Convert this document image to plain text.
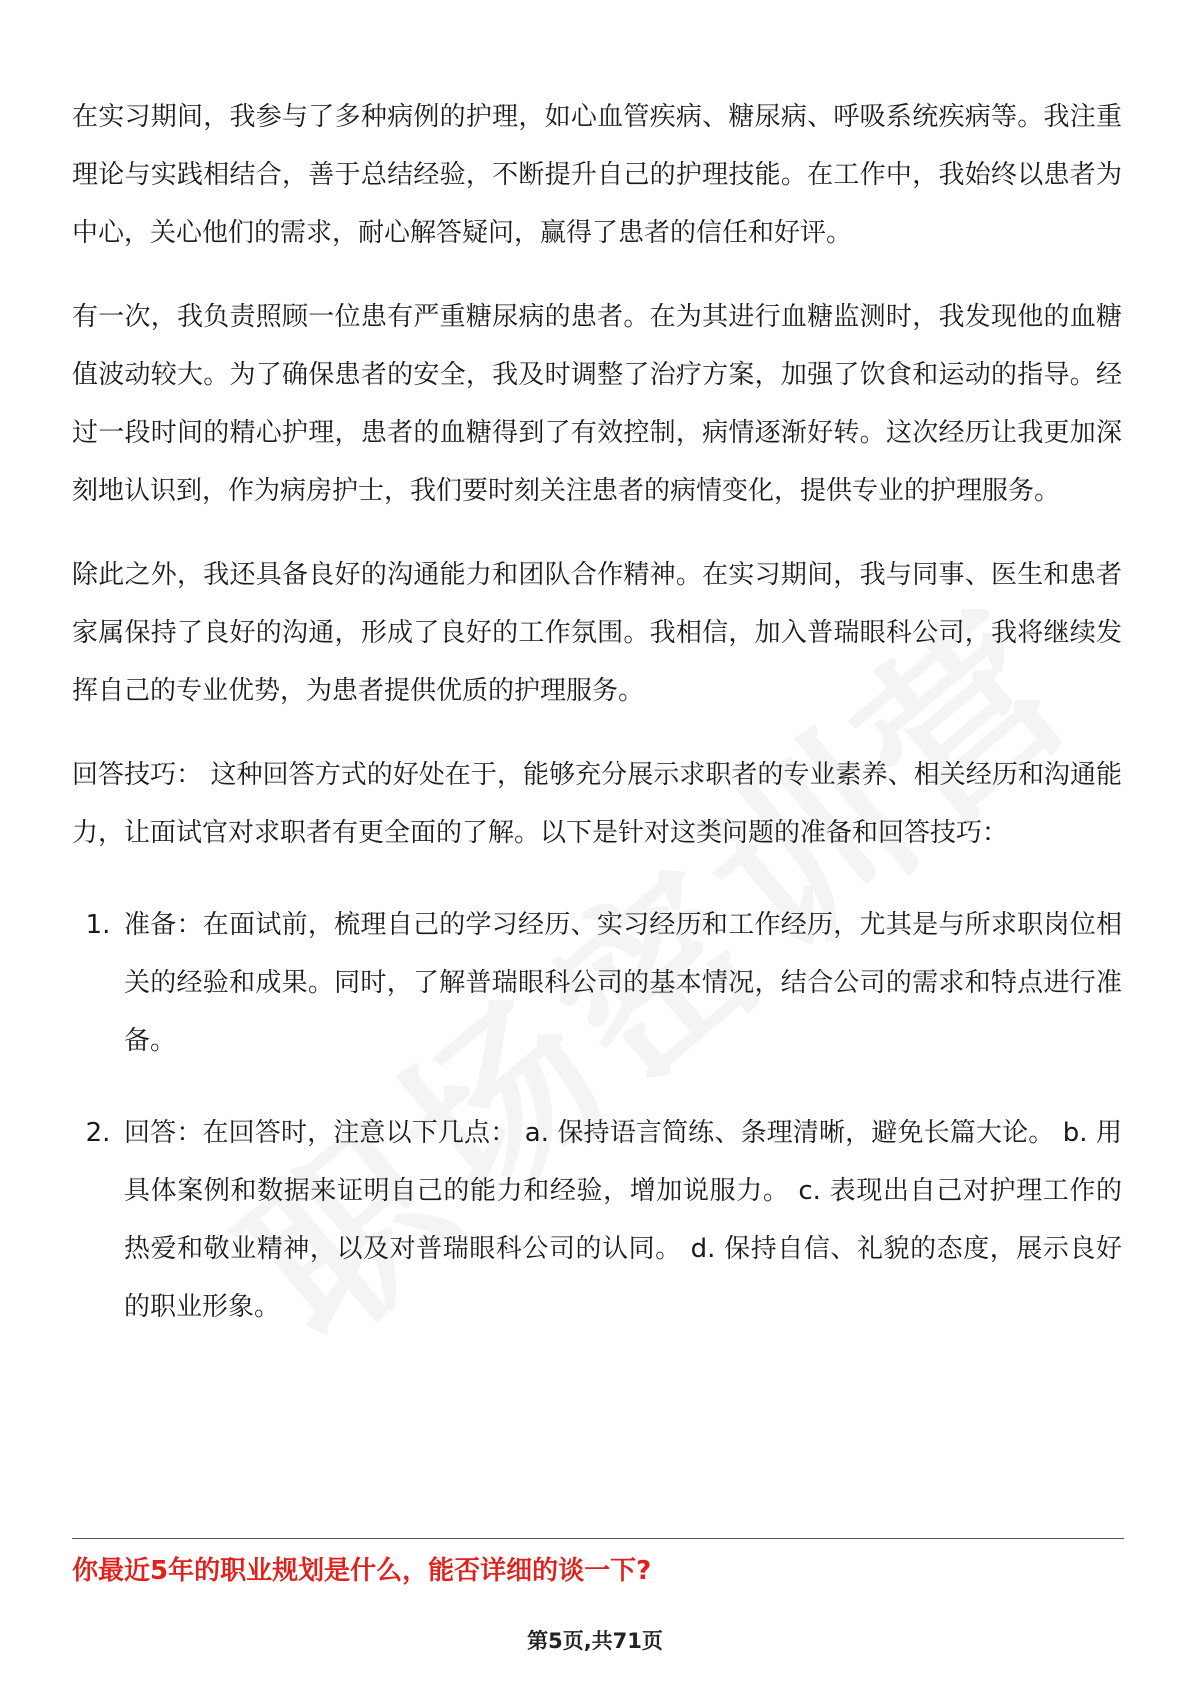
在实习期间，我参与了多种病例的护理，如心血管疾病、糖尿病、呼吸系统疾病等。我注重理论与实践相结合，善于总结经验，不断提升自己的护理技能。在工作中，我始终以患者为中心，关心他们的需求，耐心解答疑问，赢得了患者的信任和好评。

有一次，我负责照顾一位患有严重糖尿病的患者。在为其进行血糖监测时，我发现他的血糖值波动较大。为了确保患者的安全，我及时调整了治疗方案，加强了饮食和运动的指导。经过一段时间的精心护理，患者的血糖得到了有效控制，病情逐渐好转。这次经历让我更加深刻地认识到，作为病房护士，我们要时刻关注患者的病情变化，提供专业的护理服务。

除此之外，我还具备良好的沟通能力和团队合作精神。在实习期间，我与同事、医生和患者家属保持了良好的沟通，形成了良好的工作氛围。我相信，加入普瑞眼科公司，我将继续发挥自己的专业优势，为患者提供优质的护理服务。

回答技巧： 这种回答方式的好处在于，能够充分展示求职者的专业素养、相关经历和沟通能力，让面试官对求职者有更全面的了解。以下是针对这类问题的准备和回答技巧：

1. 准备：在面试前，梳理自己的学习经历、实习经历和工作经历，尤其是与所求职岗位相关的经验和成果。同时，了解普瑞眼科公司的基本情况，结合公司的需求和特点进行准备。
2. 回答：在回答时，注意以下几点： a. 保持语言简练、条理清晰，避免长篇大论。 b. 用具体案例和数据来证明自己的能力和经验，增加说服力。 c. 表现出自己对护理工作的热爱和敬业精神，以及对普瑞眼科公司的认同。 d. 保持自信、礼貌的态度，展示良好的职业形象。
你最近5年的职业规划是什么，能否详细的谈一下?
第5页,共71页
